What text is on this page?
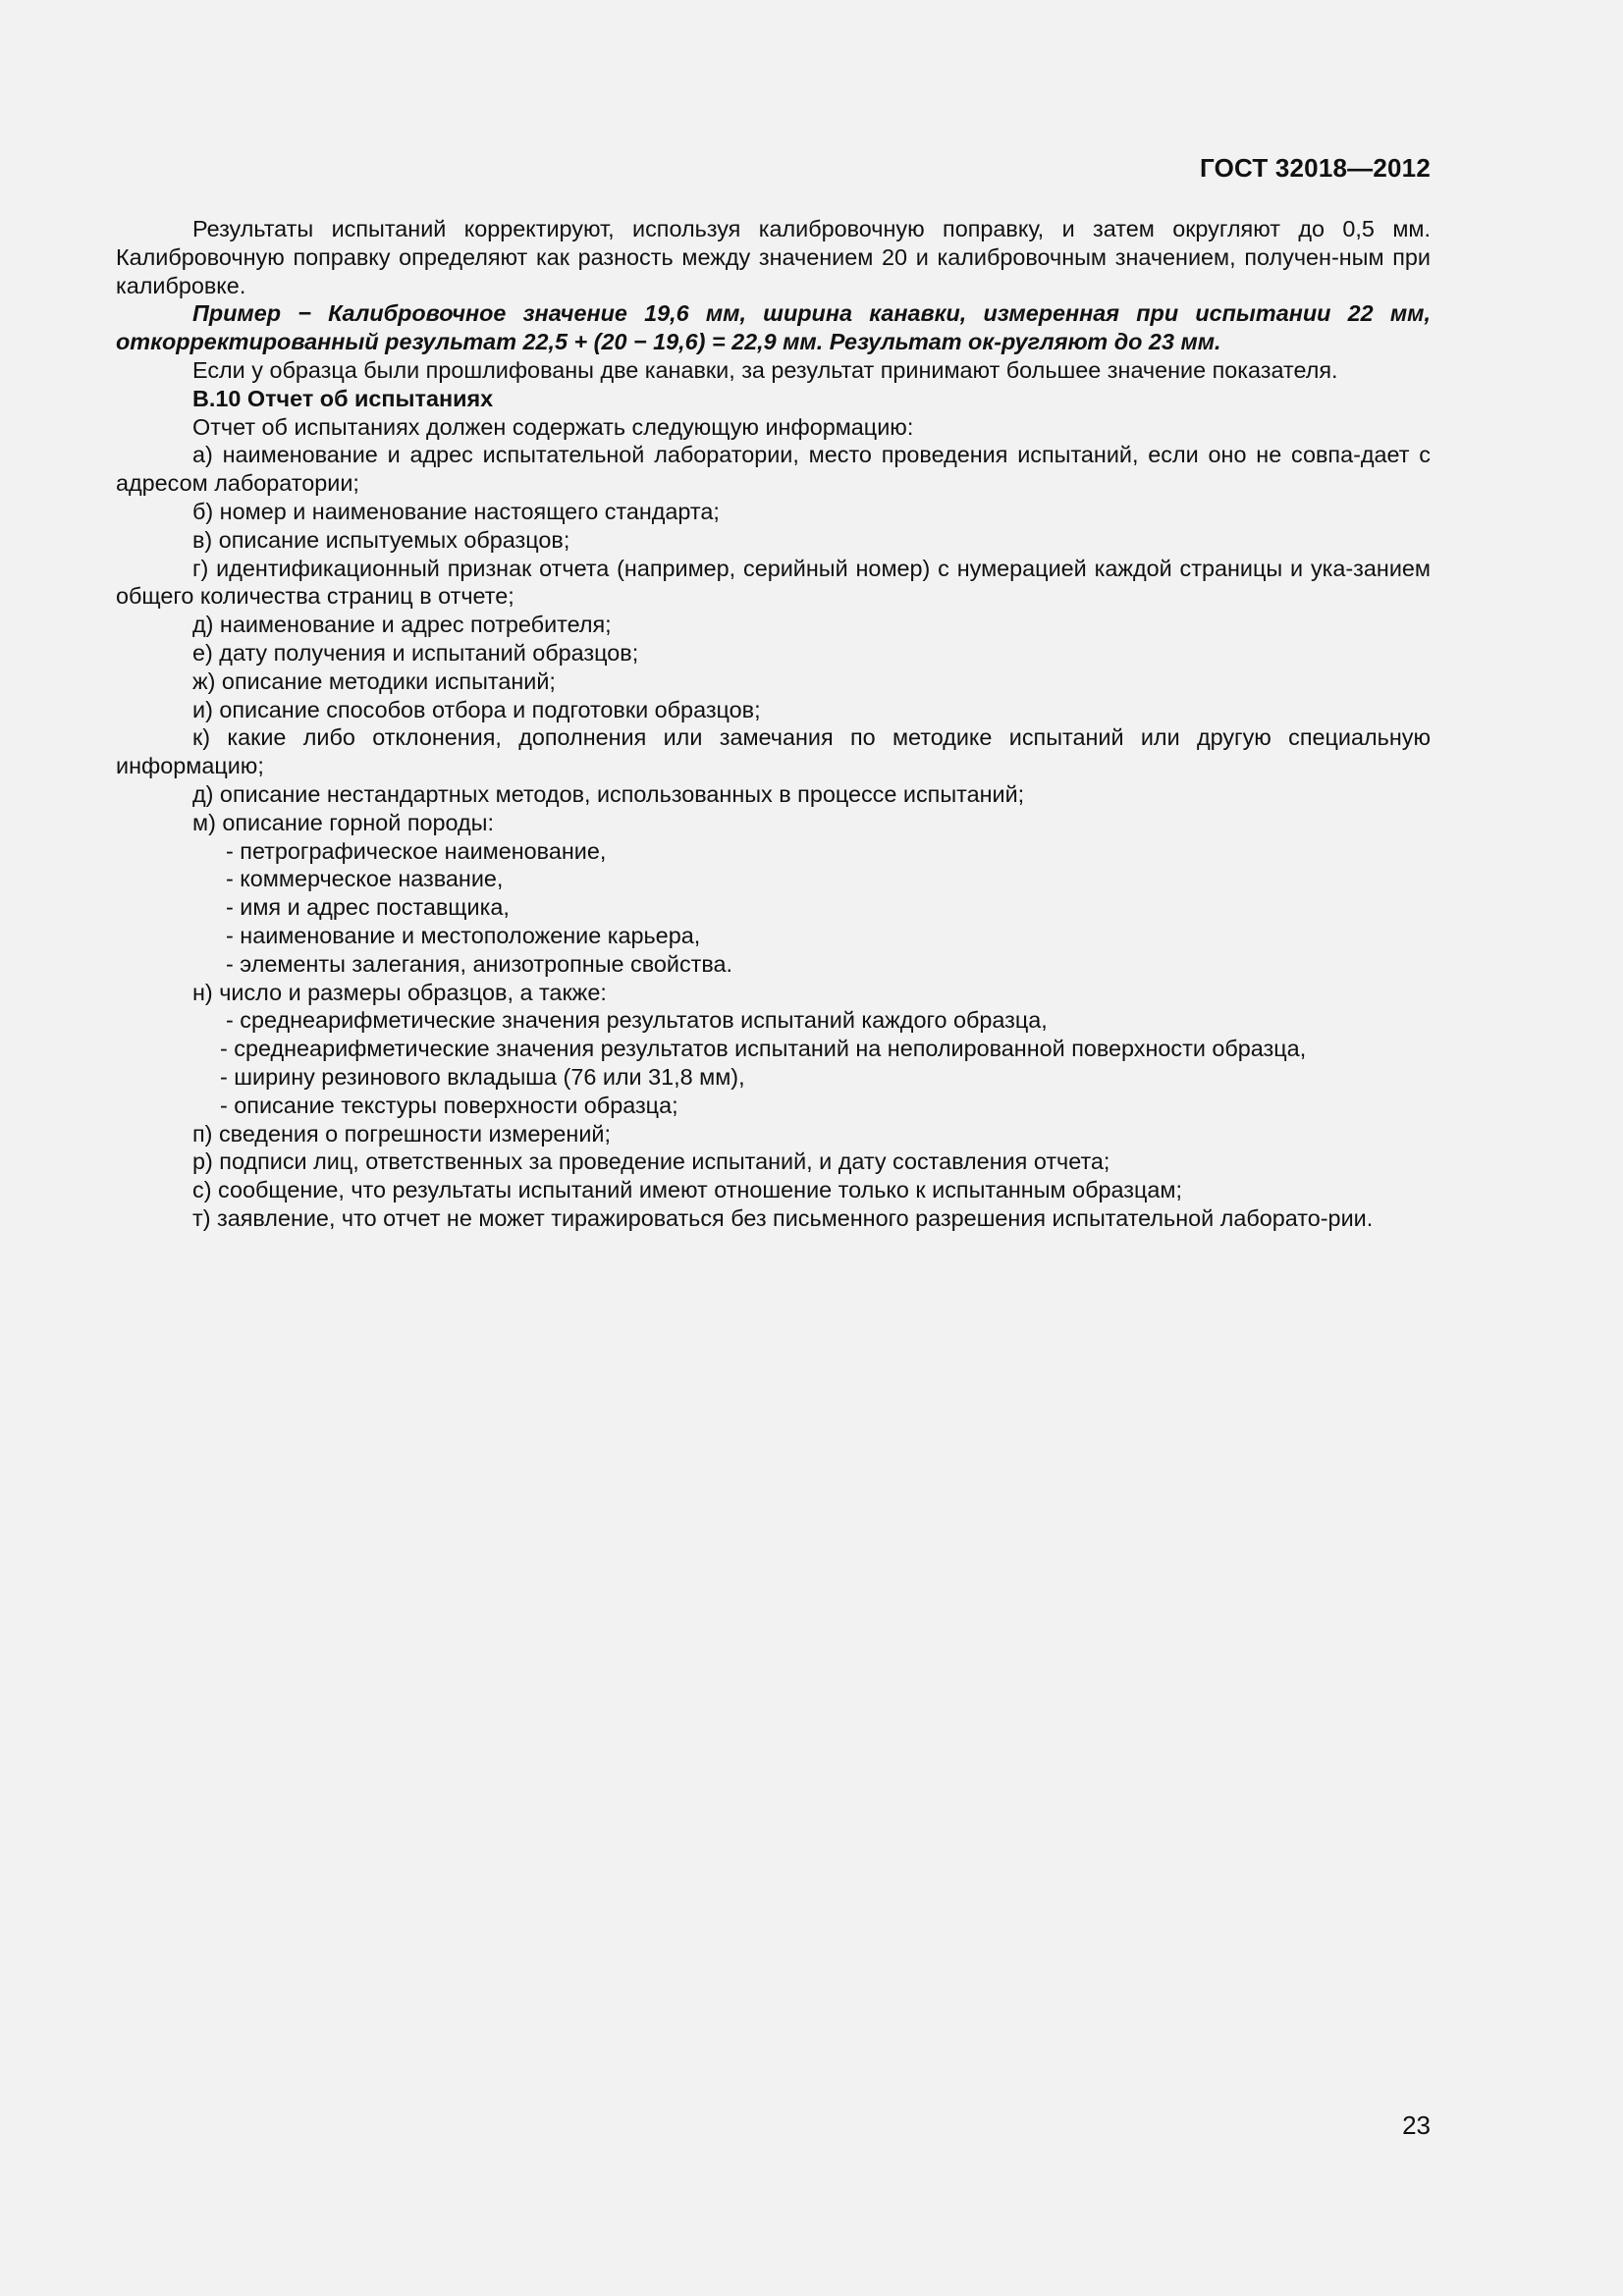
ГОСТ 32018—2012

Результаты испытаний корректируют, используя калибровочную поправку, и затем округляют до 0,5 мм. Калибровочную поправку определяют как разность между значением 20 и калибровочным значением, получен-ным при калибровке.

Пример − Калибровочное значение 19,6 мм, ширина канавки, измеренная при испытании 22 мм, откорректированный результат 22,5 + (20 − 19,6) = 22,9 мм. Результат ок-ругляют до 23 мм.

Если у образца были прошлифованы две канавки, за результат принимают большее значение показателя.

В.10 Отчет об испытаниях

Отчет об испытаниях должен содержать следующую информацию:

а) наименование и адрес испытательной лаборатории, место проведения испытаний, если оно не совпа-дает с адресом лаборатории;

б) номер и наименование настоящего стандарта;

в) описание испытуемых образцов;

г) идентификационный признак отчета (например, серийный номер) с нумерацией каждой страницы и ука-занием общего количества страниц в отчете;

д) наименование и адрес потребителя;

е) дату получения и испытаний образцов;

ж) описание методики испытаний;

и) описание способов отбора и подготовки образцов;

к) какие либо отклонения, дополнения или замечания по методике испытаний или другую специальную информацию;

д) описание нестандартных методов, использованных в процессе испытаний;

м) описание горной породы:

- петрографическое наименование,

- коммерческое название,

- имя и адрес поставщика,

- наименование и местоположение карьера,

- элементы залегания, анизотропные свойства.

н) число и размеры образцов, а также:

- среднеарифметические значения результатов испытаний каждого образца,

- среднеарифметические значения результатов испытаний на неполированной поверхности образца,

- ширину резинового вкладыша (76 или 31,8 мм),

- описание текстуры поверхности образца;

п) сведения о погрешности измерений;

р) подписи лиц, ответственных за проведение испытаний, и дату составления отчета;

с) сообщение, что результаты испытаний имеют отношение только к испытанным образцам;

т) заявление, что отчет не может тиражироваться без письменного разрешения испытательной лаборато-рии.

23
